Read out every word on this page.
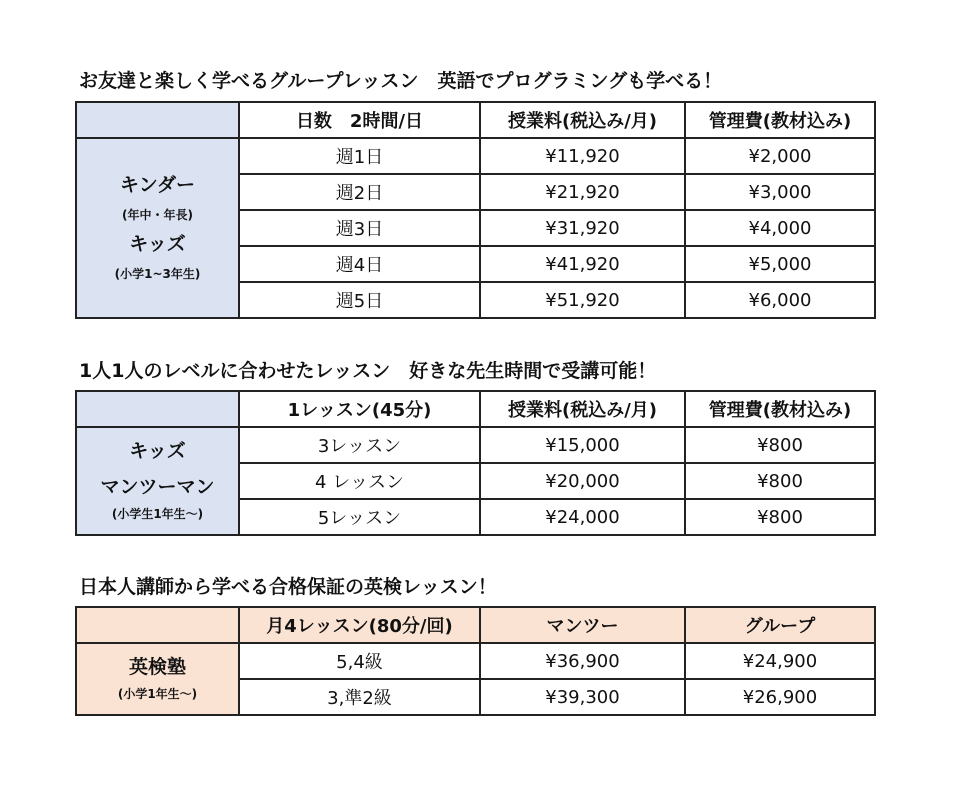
お友達と楽しく学べるグループレッスン　英語でプログラミングも学べる！
	日数　2時間/日	授業料(税込み/月)	管理費(教材込み)

キンダー
(年中・年長)
キッズ
(小学1~3年生)	週1日	¥11,920	¥2,000
	週2日	¥21,920	¥3,000
	週3日	¥31,920	¥4,000
	週4日	¥41,920	¥5,000
	週5日	¥51,920	¥6,000
1人1人のレベルに合わせたレッスン　好きな先生時間で受講可能！
	1レッスン(45分)	授業料(税込み/月)	管理費(教材込み)

キッズ
マンツーマン
(小学生1年生～)	3レッスン	¥15,000	¥800
	4 レッスン	¥20,000	¥800
	5レッスン	¥24,000	¥800
日本人講師から学べる合格保証の英検レッスン！
	月4レッスン(80分/回)	マンツー	グループ

英検塾
(小学1年生～)	5,4級	¥36,900	¥24,900
	3,準2級	¥39,300	¥26,900
